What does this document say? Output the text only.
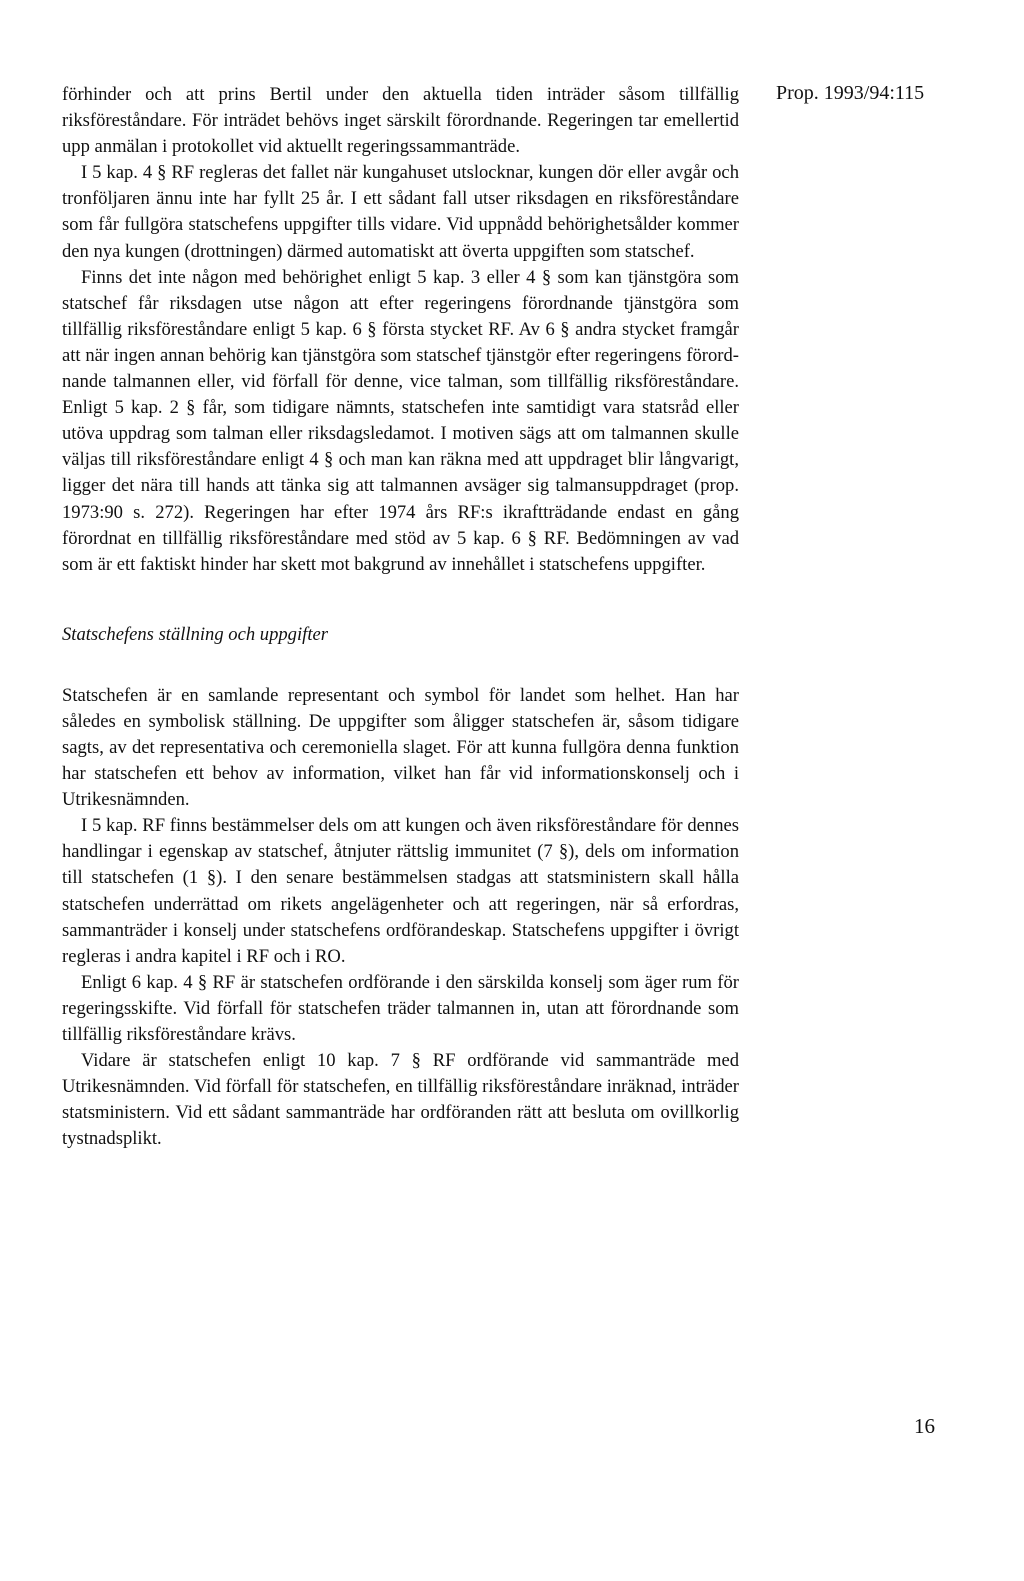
Prop. 1993/94:115

förhinder och att prins Bertil under den aktuella tiden inträder såsom tillfällig riksföreståndare. För inträdet behövs inget särskilt förordnande. Regeringen tar emellertid upp anmälan i protokollet vid aktuellt regeringssammanträde.

I 5 kap. 4 § RF regleras det fallet när kungahuset utslocknar, kungen dör eller avgår och tronföljaren ännu inte har fyllt 25 år. I ett sådant fall utser riksdagen en riksföreståndare som får fullgöra statschefens uppgifter tills vidare. Vid uppnådd behörighetsålder kommer den nya kungen (drottningen) därmed automatiskt att överta uppgiften som statschef.

Finns det inte någon med behörighet enligt 5 kap. 3 eller 4 § som kan tjänstgöra som statschef får riksdagen utse någon att efter regeringens förordnande tjänstgöra som tillfällig riksföreståndare enligt 5 kap. 6 § första stycket RF. Av 6 § andra stycket framgår att när ingen annan behörig kan tjänstgöra som statschef tjänstgör efter regeringens förordnande talmannen eller, vid förfall för denne, vice talman, som tillfällig riksföreståndare. Enligt 5 kap. 2 § får, som tidigare nämnts, statschefen inte samtidigt vara statsråd eller utöva uppdrag som talman eller riksdagsledamot. I motiven sägs att om talmannen skulle väljas till riksföreståndare enligt 4 § och man kan räkna med att uppdraget blir långvarigt, ligger det nära till hands att tänka sig att talmannen avsäger sig talmansuppdraget (prop. 1973:90 s. 272). Regeringen har efter 1974 års RF:s ikraftträdande endast en gång förordnat en tillfällig riksföreståndare med stöd av 5 kap. 6 § RF. Bedömningen av vad som är ett faktiskt hinder har skett mot bakgrund av innehållet i statschefens uppgifter.

Statschefens ställning och uppgifter

Statschefen är en samlande representant och symbol för landet som helhet. Han har således en symbolisk ställning. De uppgifter som åligger statschefen är, såsom tidigare sagts, av det representativa och ceremoniella slaget. För att kunna fullgöra denna funktion har statschefen ett behov av information, vilket han får vid informationskonselj och i Utrikesnämnden.

I 5 kap. RF finns bestämmelser dels om att kungen och även riksföreståndare för dennes handlingar i egenskap av statschef, åtnjuter rättslig immunitet (7 §), dels om information till statschefen (1 §). I den senare bestämmelsen stadgas att statsministern skall hålla statschefen underrättad om rikets angelägenheter och att regeringen, när så erfordras, sammanträder i konselj under statschefens ordförandeskap. Statschefens uppgifter i övrigt regleras i andra kapitel i RF och i RO.

Enligt 6 kap. 4 § RF är statschefen ordförande i den särskilda konselj som äger rum för regeringsskifte. Vid förfall för statschefen träder talmannen in, utan att förordnande som tillfällig riksföreståndare krävs.

Vidare är statschefen enligt 10 kap. 7 § RF ordförande vid sammanträde med Utrikesnämnden. Vid förfall för statschefen, en tillfällig riksföreståndare inräknad, inträder statsministern. Vid ett sådant sammanträde har ordföranden rätt att besluta om ovillkorlig tystnadsplikt.

16
